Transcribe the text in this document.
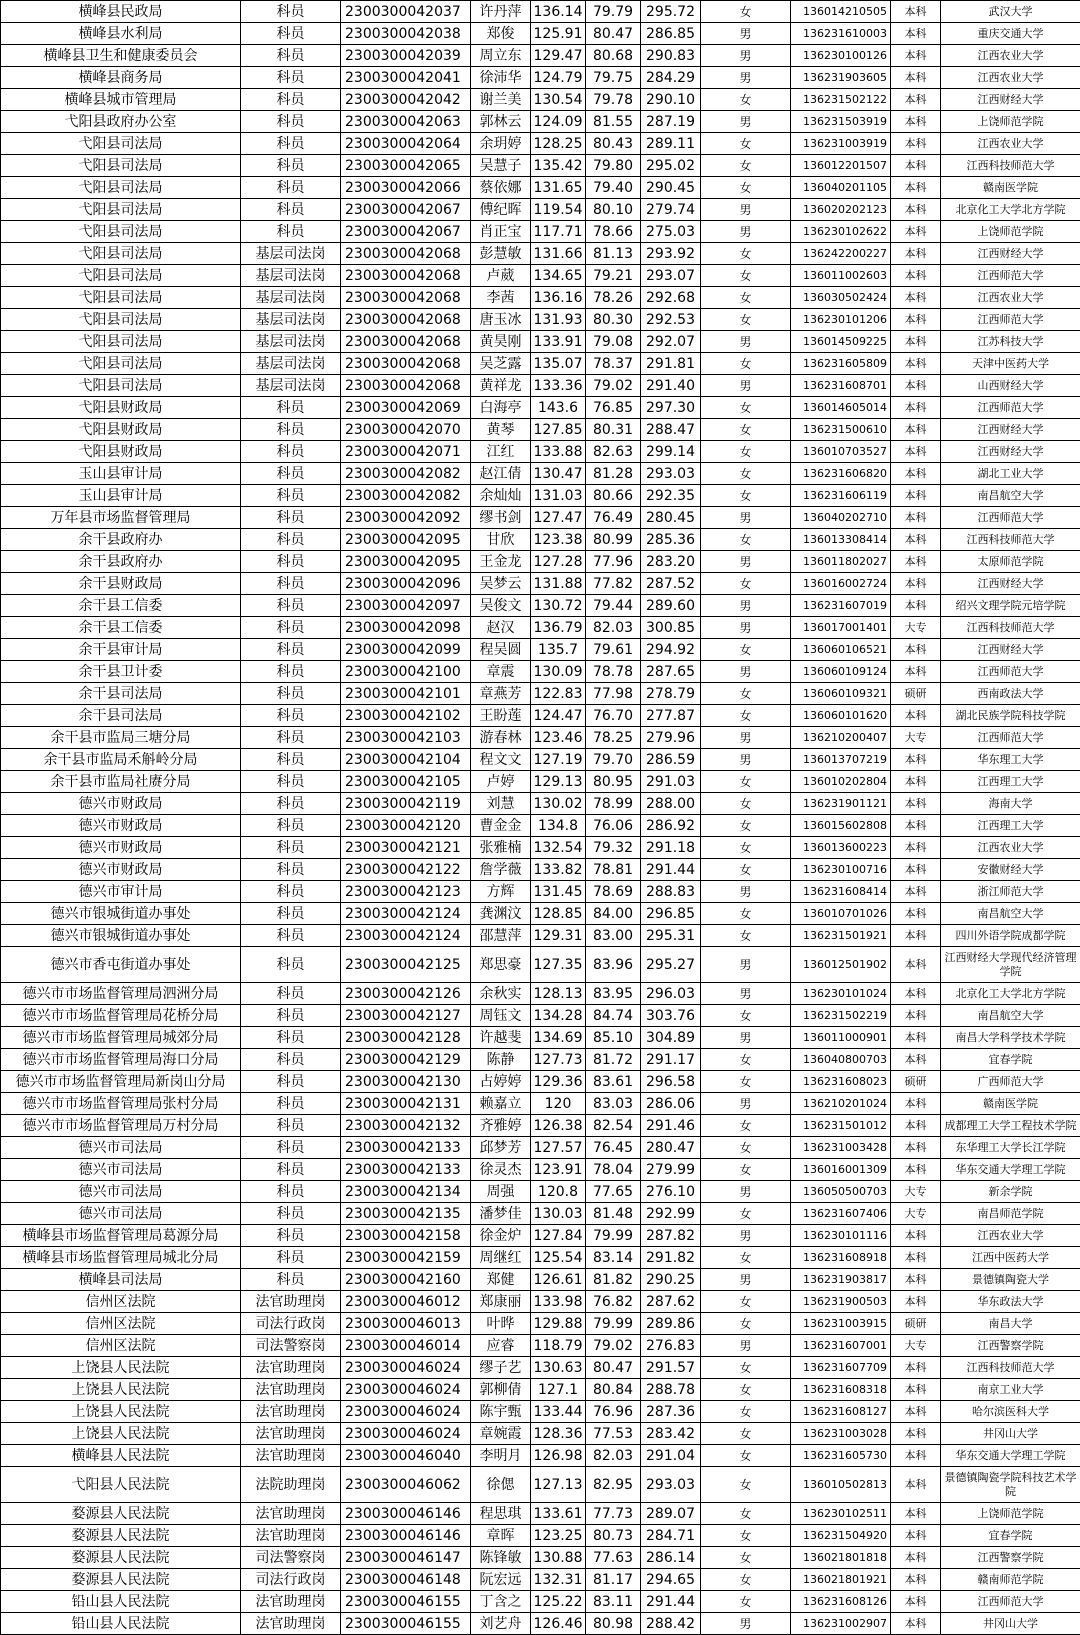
横峰县民政局	科员	2300300042037	许丹萍	136.14	79.79	295.72	女	136014210505	本科	武汉大学
横峰县水利局	科员	2300300042038	郑俊	125.91	80.47	286.85	男	136231610003	本科	重庆交通大学
横峰县卫生和健康委员会	科员	2300300042039	周立东	129.47	80.68	290.83	男	136230100126	本科	江西农业大学
横峰县商务局	科员	2300300042041	徐沛华	124.79	79.75	284.29	男	136231903605	本科	江西农业大学
横峰县城市管理局	科员	2300300042042	谢兰美	130.54	79.78	290.10	女	136231502122	本科	江西财经大学
弋阳县政府办公室	科员	2300300042063	郭林云	124.09	81.55	287.19	男	136231503919	本科	上饶师范学院
弋阳县司法局	科员	2300300042064	余玥婷	128.25	80.43	289.11	女	136231003919	本科	江西农业大学
弋阳县司法局	科员	2300300042065	吴慧子	135.42	79.80	295.02	女	136012201507	本科	江西科技师范大学
弋阳县司法局	科员	2300300042066	蔡依娜	131.65	79.40	290.45	女	136040201105	本科	赣南医学院
弋阳县司法局	科员	2300300042067	傅纪晖	119.54	80.10	279.74	男	136020202123	本科	北京化工大学北方学院
弋阳县司法局	科员	2300300042067	肖正宝	117.71	78.66	275.03	男	136230102622	本科	上饶师范学院
弋阳县司法局	基层司法岗	2300300042068	彭慧敏	131.66	81.13	293.92	女	136242200227	本科	江西财经大学
弋阳县司法局	基层司法岗	2300300042068	卢葳	134.65	79.21	293.07	女	136011002603	本科	江西师范大学
弋阳县司法局	基层司法岗	2300300042068	李茜	136.16	78.26	292.68	女	136030502424	本科	江西农业大学
弋阳县司法局	基层司法岗	2300300042068	唐玉冰	131.93	80.30	292.53	女	136230101206	本科	江西师范大学
弋阳县司法局	基层司法岗	2300300042068	黄昊刚	133.91	79.08	292.07	男	136014509225	本科	江苏科技大学
弋阳县司法局	基层司法岗	2300300042068	吴芝露	135.07	78.37	291.81	女	136231605809	本科	天津中医药大学
弋阳县司法局	基层司法岗	2300300042068	黄祥龙	133.36	79.02	291.40	男	136231608701	本科	山西财经大学
弋阳县财政局	科员	2300300042069	白海亭	143.6	76.85	297.30	女	136014605014	本科	江西师范大学
弋阳县财政局	科员	2300300042070	黄琴	127.85	80.31	288.47	女	136231500610	本科	江西财经大学
弋阳县财政局	科员	2300300042071	江红	133.88	82.63	299.14	女	136010703527	本科	江西财经大学
玉山县审计局	科员	2300300042082	赵江倩	130.47	81.28	293.03	女	136231606820	本科	湖北工业大学
玉山县审计局	科员	2300300042082	余灿灿	131.03	80.66	292.35	女	136231606119	本科	南昌航空大学
万年县市场监督管理局	科员	2300300042092	缪书剑	127.47	76.49	280.45	男	136040202710	本科	江西师范大学
余干县政府办	科员	2300300042095	甘欣	123.38	80.99	285.36	女	136013308414	本科	江西科技师范大学
余干县政府办	科员	2300300042095	王金龙	127.28	77.96	283.20	男	136011802027	本科	太原师范学院
余干县财政局	科员	2300300042096	吴梦云	131.88	77.82	287.52	女	136016002724	本科	江西财经大学
余干县工信委	科员	2300300042097	吴俊文	130.72	79.44	289.60	男	136231607019	本科	绍兴文理学院元培学院
余干县工信委	科员	2300300042098	赵汉	136.79	82.03	300.85	男	136017001401	大专	江西科技师范大学
余干县审计局	科员	2300300042099	程吴圆	135.7	79.61	294.92	女	136060106521	本科	江西财经大学
余干县卫计委	科员	2300300042100	章震	130.09	78.78	287.65	男	136060109124	本科	江西师范大学
余干县司法局	科员	2300300042101	章燕芳	122.83	77.98	278.79	女	136060109321	硕研	西南政法大学
余干县司法局	科员	2300300042102	王盼莲	124.47	76.70	277.87	女	136060101620	本科	湖北民族学院科技学院
余干县市监局三塘分局	科员	2300300042103	游春林	123.46	78.25	279.96	男	136210200407	大专	江西师范大学
余干县市监局禾斛岭分局	科员	2300300042104	程文文	127.19	79.70	286.59	男	136013707219	本科	华东理工大学
余干县市监局社赓分局	科员	2300300042105	卢婷	129.13	80.95	291.03	女	136010202804	本科	江西理工大学
德兴市财政局	科员	2300300042119	刘慧	130.02	78.99	288.00	女	136231901121	本科	海南大学
德兴市财政局	科员	2300300042120	曹金金	134.8	76.06	286.92	女	136015602808	本科	江西理工大学
德兴市财政局	科员	2300300042121	张雅楠	132.54	79.32	291.18	女	136013600223	本科	江西农业大学
德兴市财政局	科员	2300300042122	詹学薇	133.82	78.81	291.44	女	136230100716	本科	安徽财经大学
德兴市审计局	科员	2300300042123	方辉	131.45	78.69	288.83	男	136231608414	本科	浙江师范大学
德兴市银城街道办事处	科员	2300300042124	龚渊汶	128.85	84.00	296.85	女	136010701026	本科	南昌航空大学
德兴市银城街道办事处	科员	2300300042124	邵慧萍	129.31	83.00	295.31	女	136231501921	本科	四川外语学院成都学院
德兴市香屯街道办事处	科员	2300300042125	郑思豪	127.35	83.96	295.27	男	136012501902	本科	江西财经大学现代经济管理学院
德兴市市场监督管理局泗洲分局	科员	2300300042126	余秋实	128.13	83.95	296.03	男	136230101024	本科	北京化工大学北方学院
德兴市市场监督管理局花桥分局	科员	2300300042127	周钰文	134.28	84.74	303.76	女	136231502219	本科	南昌航空大学
德兴市市场监督管理局城郊分局	科员	2300300042128	许越斐	134.69	85.10	304.89	男	136011000901	本科	南昌大学科学技术学院
德兴市市场监督管理局海口分局	科员	2300300042129	陈静	127.73	81.72	291.17	女	136040800703	本科	宜春学院
德兴市市场监督管理局新岗山分局	科员	2300300042130	占婷婷	129.36	83.61	296.58	女	136231608023	硕研	广西师范大学
德兴市市场监督管理局张村分局	科员	2300300042131	赖嘉立	120	83.03	286.06	男	136210201024	本科	赣南医学院
德兴市市场监督管理局万村分局	科员	2300300042132	齐雅婷	126.38	82.54	291.46	女	136231501012	本科	成都理工大学工程技术学院
德兴市司法局	科员	2300300042133	邱梦芳	127.57	76.45	280.47	女	136231003428	本科	东华理工大学长江学院
德兴市司法局	科员	2300300042133	徐灵杰	123.91	78.04	279.99	女	136016001309	本科	华东交通大学理工学院
德兴市司法局	科员	2300300042134	周强	120.8	77.65	276.10	男	136050500703	大专	新余学院
德兴市司法局	科员	2300300042135	潘梦佳	130.03	81.48	292.99	女	136231607406	大专	南昌师范学院
横峰县市场监督管理局葛源分局	科员	2300300042158	徐金炉	127.84	79.99	287.82	男	136230101116	本科	江西农业大学
横峰县市场监督管理局城北分局	科员	2300300042159	周继红	125.54	83.14	291.82	女	136231608918	本科	江西中医药大学
横峰县司法局	科员	2300300042160	郑健	126.61	81.82	290.25	男	136231903817	本科	景德镇陶瓷大学
信州区法院	法官助理岗	2300300046012	郑康丽	133.98	76.82	287.62	女	136231900503	本科	华东政法大学
信州区法院	司法行政岗	2300300046013	叶晔	129.88	79.99	289.86	女	136231003915	硕研	南昌大学
信州区法院	司法警察岗	2300300046014	应睿	118.79	79.02	276.83	男	136231607001	大专	江西警察学院
上饶县人民法院	法官助理岗	2300300046024	缪子艺	130.63	80.47	291.57	女	136231607709	本科	江西科技师范大学
上饶县人民法院	法官助理岗	2300300046024	郭柳倩	127.1	80.84	288.78	女	136231608318	本科	南京工业大学
上饶县人民法院	法官助理岗	2300300046024	陈宇甄	133.44	76.96	287.36	女	136231608127	本科	哈尔滨医科大学
上饶县人民法院	法官助理岗	2300300046024	章婉霞	128.36	77.53	283.42	女	136231003028	本科	井冈山大学
横峰县人民法院	法官助理岗	2300300046040	李明月	126.98	82.03	291.04	女	136231605730	本科	华东交通大学理工学院
弋阳县人民法院	法院助理岗	2300300046062	徐偲	127.13	82.95	293.03	女	136010502813	本科	景德镇陶瓷学院科技艺术学院
婺源县人民法院	法官助理岗	2300300046146	程思琪	133.61	77.73	289.07	女	136230102511	本科	上饶师范学院
婺源县人民法院	法官助理岗	2300300046146	章晖	123.25	80.73	284.71	女	136231504920	本科	宜春学院
婺源县人民法院	司法警察岗	2300300046147	陈锋敏	130.88	77.63	286.14	女	136021801818	本科	江西警察学院
婺源县人民法院	司法行政岗	2300300046148	阮宏远	132.31	81.17	294.65	女	136021801921	本科	赣南师范学院
铅山县人民法院	法官助理岗	2300300046155	丁含之	125.22	83.11	291.44	女	136231608126	本科	江西师范大学
铅山县人民法院	法官助理岗	2300300046155	刘艺舟	126.46	80.98	288.42	男	136231002907	本科	井冈山大学
